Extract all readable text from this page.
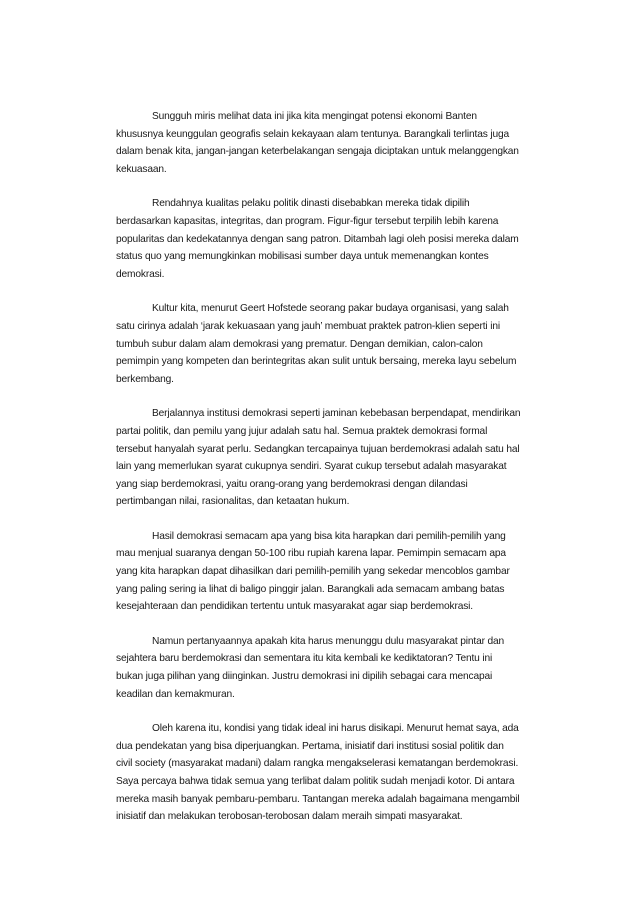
Sungguh miris melihat data ini jika kita mengingat potensi ekonomi Banten
khususnya keunggulan geografis selain kekayaan alam tentunya. Barangkali terlintas juga
dalam benak kita, jangan-jangan keterbelakangan sengaja diciptakan untuk melanggengkan
kekuasaan.

Rendahnya kualitas pelaku politik dinasti disebabkan mereka tidak dipilih
berdasarkan kapasitas, integritas, dan program. Figur-figur tersebut terpilih lebih karena
popularitas dan kedekatannya dengan sang patron. Ditambah lagi oleh posisi mereka dalam
status quo yang memungkinkan mobilisasi sumber daya untuk memenangkan kontes
demokrasi.

Kultur kita, menurut Geert Hofstede seorang pakar budaya organisasi, yang salah
satu cirinya adalah ‘jarak kekuasaan yang jauh’ membuat praktek patron-klien seperti ini
tumbuh subur dalam alam demokrasi yang prematur. Dengan demikian, calon-calon
pemimpin yang kompeten dan berintegritas akan sulit untuk bersaing, mereka layu sebelum
berkembang.

Berjalannya institusi demokrasi seperti jaminan kebebasan berpendapat, mendirikan
partai politik, dan pemilu yang jujur adalah satu hal. Semua praktek demokrasi formal
tersebut hanyalah syarat perlu. Sedangkan tercapainya tujuan berdemokrasi adalah satu hal
lain yang memerlukan syarat cukupnya sendiri. Syarat cukup tersebut adalah masyarakat
yang siap berdemokrasi, yaitu orang-orang yang berdemokrasi dengan dilandasi
pertimbangan nilai, rasionalitas, dan ketaatan hukum.

Hasil demokrasi semacam apa yang bisa kita harapkan dari pemilih-pemilih yang
mau menjual suaranya dengan 50-100 ribu rupiah karena lapar. Pemimpin semacam apa
yang kita harapkan dapat dihasilkan dari pemilih-pemilih yang sekedar mencoblos gambar
yang paling sering ia lihat di baligo pinggir jalan. Barangkali ada semacam ambang batas
kesejahteraan dan pendidikan tertentu untuk masyarakat agar siap berdemokrasi.

Namun pertanyaannya apakah kita harus menunggu dulu masyarakat pintar dan
sejahtera baru berdemokrasi dan sementara itu kita kembali ke kediktatoran? Tentu ini
bukan juga pilihan yang diinginkan. Justru demokrasi ini dipilih sebagai cara mencapai
keadilan dan kemakmuran.

Oleh karena itu, kondisi yang tidak ideal ini harus disikapi. Menurut hemat saya, ada
dua pendekatan yang bisa diperjuangkan. Pertama, inisiatif dari institusi sosial politik dan
civil society (masyarakat madani) dalam rangka mengakselerasi kematangan berdemokrasi.
Saya percaya bahwa tidak semua yang terlibat dalam politik sudah menjadi kotor. Di antara
mereka masih banyak pembaru-pembaru. Tantangan mereka adalah bagaimana mengambil
inisiatif dan melakukan terobosan-terobosan dalam meraih simpati masyarakat.
